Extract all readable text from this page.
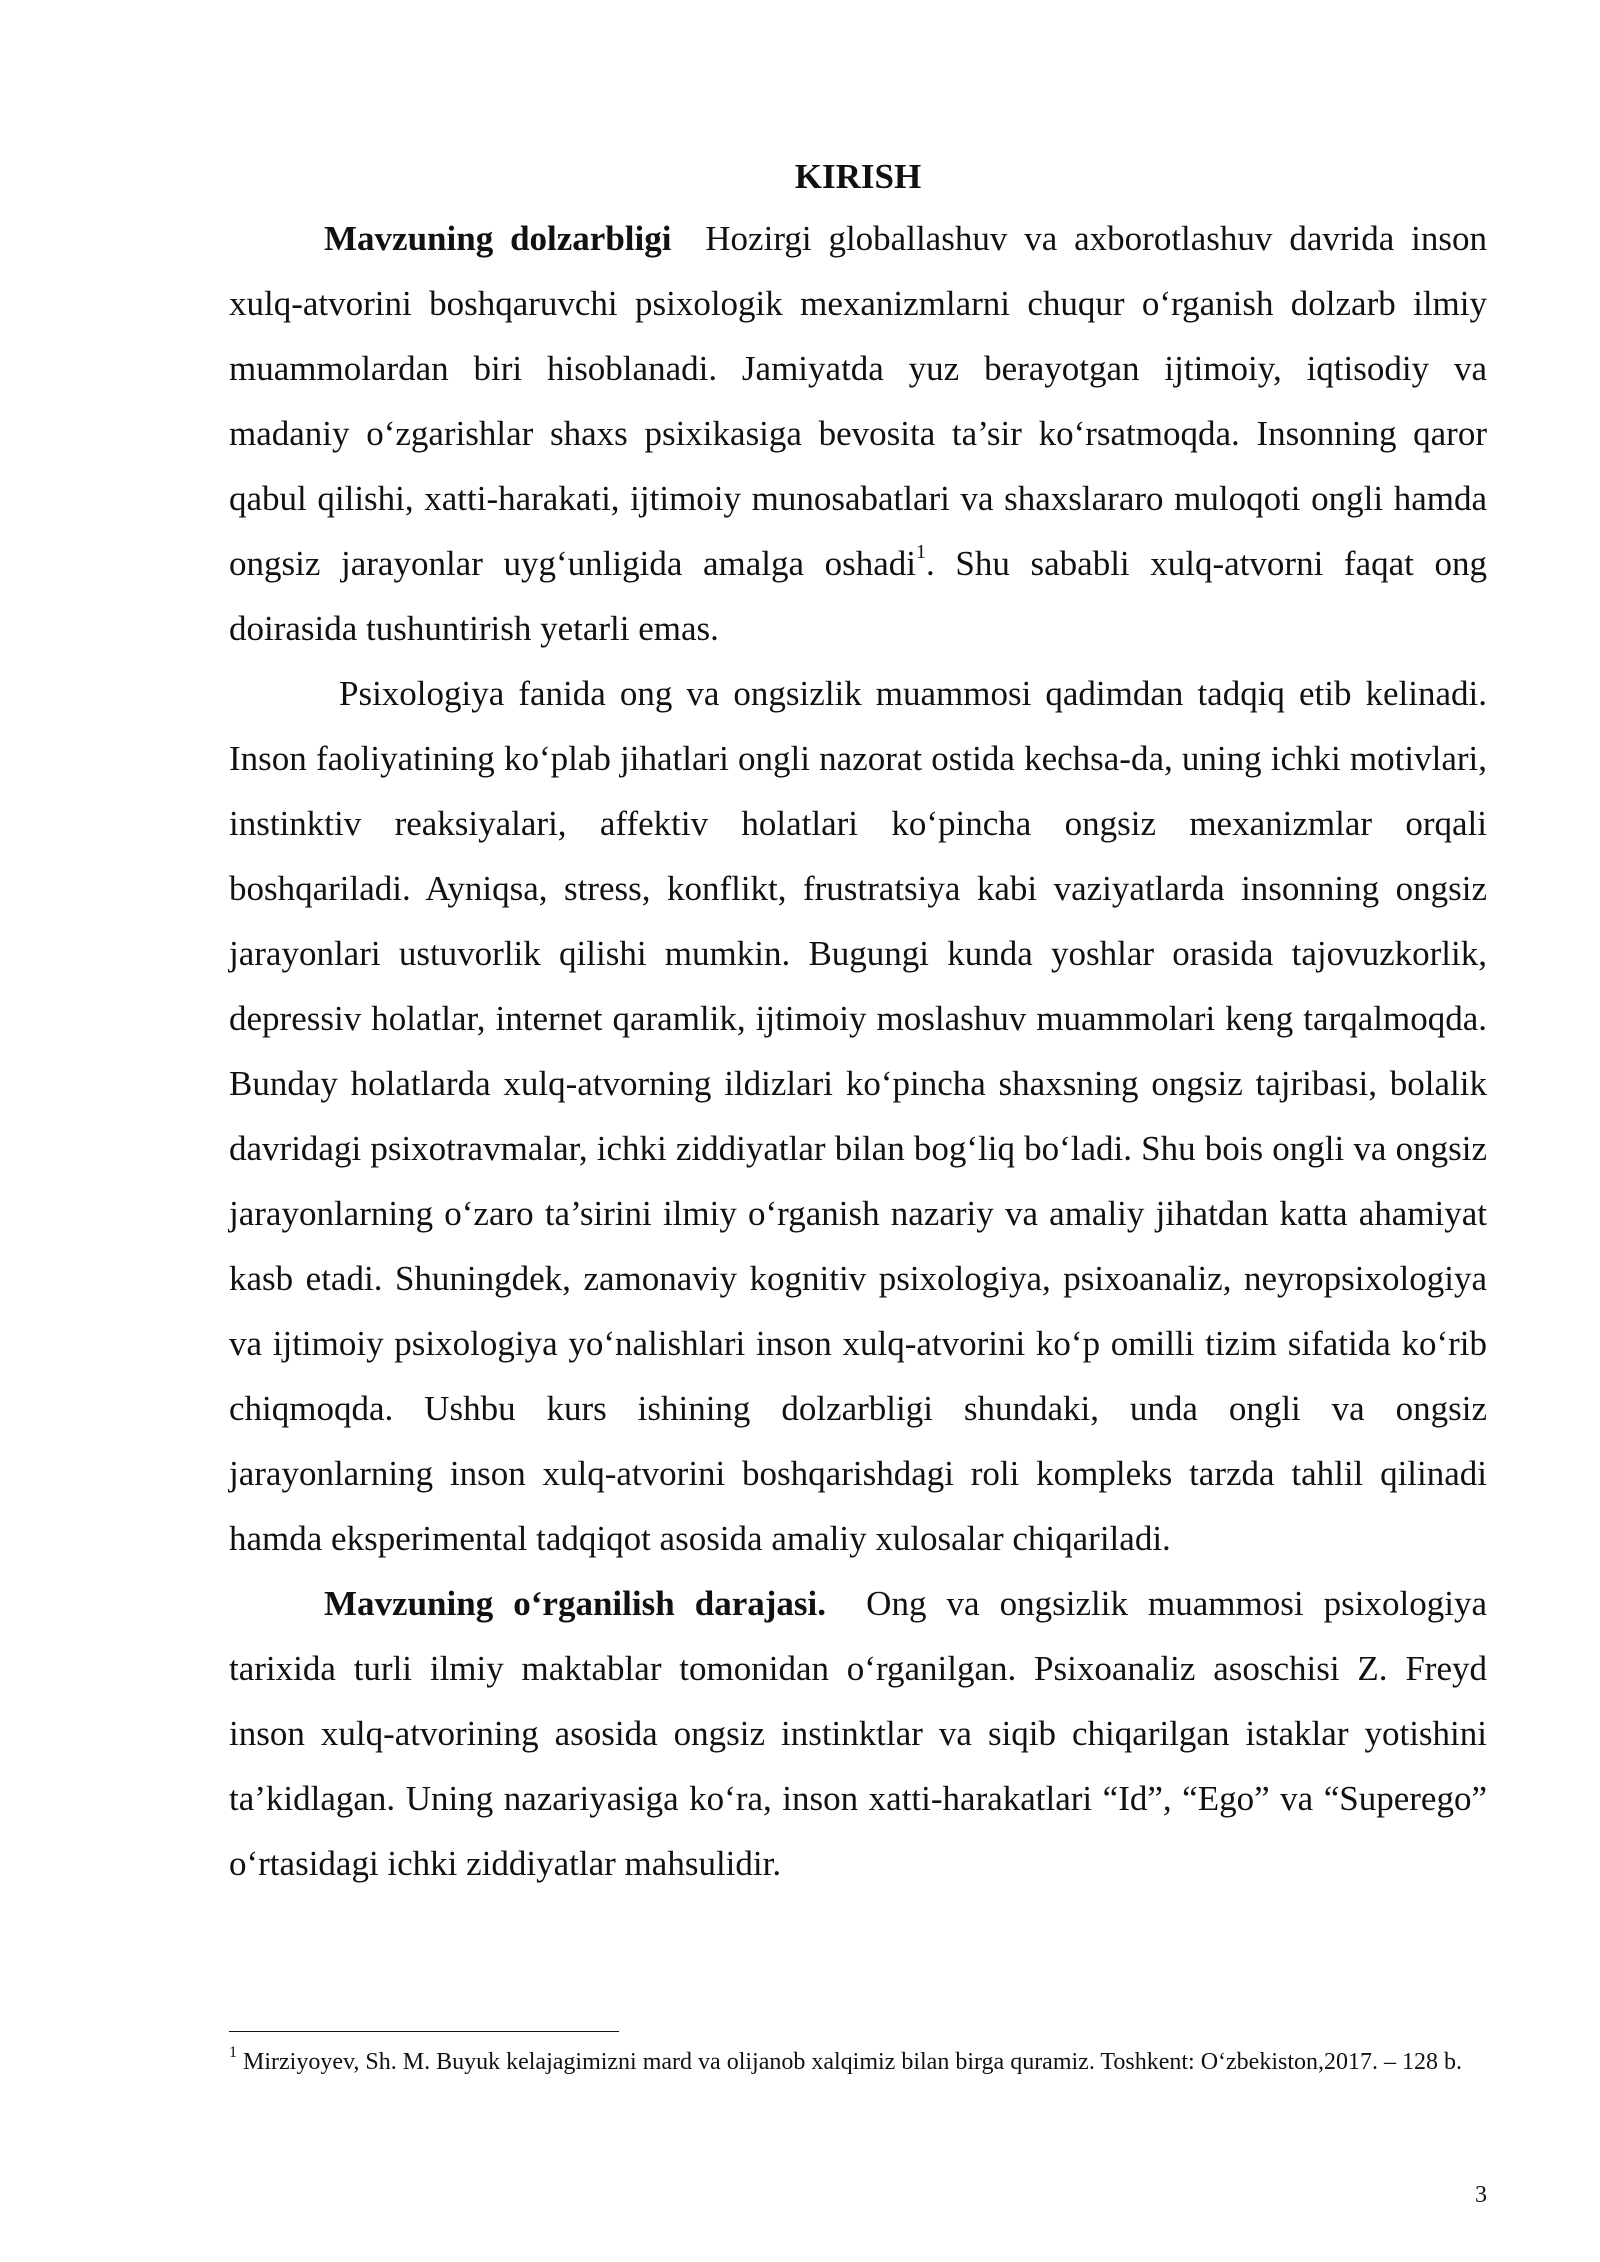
KIRISH

Mavzuning dolzarbligi Hozirgi globallashuv va axborotlashuv davrida inson xulq-atvorini boshqaruvchi psixologik mexanizmlarni chuqur o‘rganish dolzarb ilmiy muammolardan biri hisoblanadi. Jamiyatda yuz berayotgan ijtimoiy, iqtisodiy va madaniy o‘zgarishlar shaxs psixikasiga bevosita ta’sir ko‘rsatmoqda. Insonning qaror qabul qilishi, xatti-harakati, ijtimoiy munosabatlari va shaxslararo muloqoti ongli hamda ongsiz jarayonlar uyg‘unligida amalga oshadi$^1$. Shu sababli xulq-atvorni faqat ong doirasida tushuntirish yetarli emas.

Psixologiya fanida ong va ongsizlik muammosi qadimdan tadqiq etib kelinadi. Inson faoliyatining ko‘plab jihatlari ongli nazorat ostida kechsa-da, uning ichki motivlari, instinktiv reaksiyalari, affektiv holatlari ko‘pincha ongsiz mexanizmlar orqali boshqariladi. Ayniqsa, stress, konflikt, frustratsiya kabi vaziyatlarda insonning ongsiz jarayonlari ustuvorlik qilishi mumkin. Bugungi kunda yoshlar orasida tajovuzkorlik, depressiv holatlar, internet qaramlik, ijtimoiy moslashuv muammolari keng tarqalmoqda. Bunday holatlarda xulq-atvorning ildizlari ko‘pincha shaxsning ongsiz tajribasi, bolalik davridagi psixotravmalar, ichki ziddiyatlar bilan bog‘liq bo‘ladi. Shu bois ongli va ongsiz jarayonlarning o‘zaro ta’sirini ilmiy o‘rganish nazariy va amaliy jihatdan katta ahamiyat kasb etadi. Shuningdek, zamonaviy kognitiv psixologiya, psixoanaliz, neyropsixologiya va ijtimoiy psixologiya yo‘nalishlari inson xulq-atvorini ko‘p omilli tizim sifatida ko‘rib chiqmoqda. Ushbu kurs ishining dolzarbligi shundaki, unda ongli va ongsiz jarayonlarning inson xulq-atvorini boshqarishdagi roli kompleks tarzda tahlil qilinadi hamda eksperimental tadqiqot asosida amaliy xulosalar chiqariladi.

Mavzuning o‘rganilish darajasi. Ong va ongsizlik muammosi psixologiya tarixida turli ilmiy maktablar tomonidan o‘rganilgan. Psixoanaliz asoschisi Z. Freyd inson xulq-atvorining asosida ongsiz instinktlar va siqib chiqarilgan istaklar yotishini ta’kidlagan. Uning nazariyasiga ko‘ra, inson xatti-harakatlari “Id”, “Ego” va “Superego” o‘rtasidagi ichki ziddiyatlar mahsulidir.

$^1$ Mirziyoyev, Sh. M. Buyuk kelajagimizni mard va olijanob xalqimiz bilan birga quramiz. Toshkent: O‘zbekiston,2017. – 128 b.
3
